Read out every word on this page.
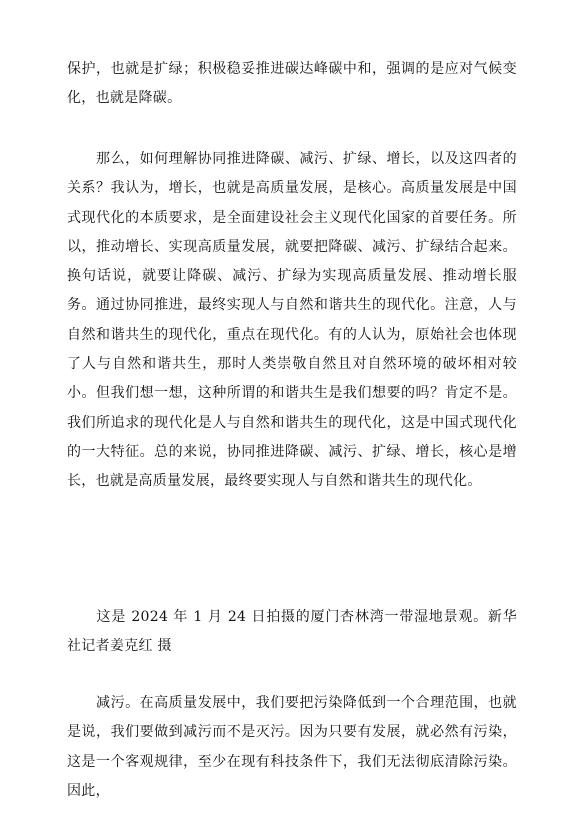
保护，也就是扩绿；积极稳妥推进碳达峰碳中和，强调的是应对气候变化，也就是降碳。

　　那么，如何理解协同推进降碳、减污、扩绿、增长，以及这四者的关系？我认为，增长，也就是高质量发展，是核心。高质量发展是中国式现代化的本质要求，是全面建设社会主义现代化国家的首要任务。所以，推动增长、实现高质量发展，就要把降碳、减污、扩绿结合起来。换句话说，就要让降碳、减污、扩绿为实现高质量发展、推动增长服务。通过协同推进，最终实现人与自然和谐共生的现代化。注意，人与自然和谐共生的现代化，重点在现代化。有的人认为，原始社会也体现了人与自然和谐共生，那时人类崇敬自然且对自然环境的破坏相对较小。但我们想一想，这种所谓的和谐共生是我们想要的吗？肯定不是。我们所追求的现代化是人与自然和谐共生的现代化，这是中国式现代化的一大特征。总的来说，协同推进降碳、减污、扩绿、增长，核心是增长，也就是高质量发展，最终要实现人与自然和谐共生的现代化。

　　这是 2024 年 1 月 24 日拍摄的厦门杏林湾一带湿地景观。新华社记者姜克红 摄

　　减污。在高质量发展中，我们要把污染降低到一个合理范围，也就是说，我们要做到减污而不是灭污。因为只要有发展，就必然有污染，这是一个客观规律，至少在现有科技条件下，我们无法彻底清除污染。因此，
